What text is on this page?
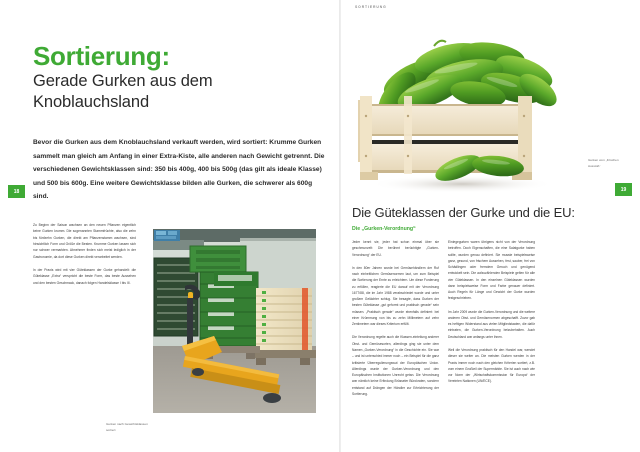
SORTIERUNG
18	19
Sortierung:
Gerade Gurken aus dem
Knoblauchsland
Bevor die Gurken aus dem Knoblauchsland verkauft werden, wird sortiert: Krumme Gurken sammelt man gleich am Anfang in einer Extra-Kiste, alle anderen nach Gewicht getrennt. Die verschiedenen Gewichtsklassen sind: 350 bis 400g, 400 bis 500g (das gilt als ideale Klasse) und 500 bis 600g. Eine weitere Gewichtsklasse bilden alle Gurken, die schwerer als 600g sind.

Zu Beginn der Saison wachsen an den neuen Pflanzen eigentlich keine Gurken krumm. Die sogenannten Stammfrüchte, also die zehn bis fünfzehn Gurken, die direkt am Pflanzenstamm wachsen, sind hinsichtlich Form und Größe die Besten. Krumme Gurken lassen sich nur schwer vermarkten. Abnehmer finden sich meist lediglich in der Gastronomie, da dort diese Gurken direkt verarbeitet werden.

In der Praxis wird mit vier Güteklassen der Gurke gehandelt: die Güteklasse „Extra“ verspricht die beste Form, das beste Aussehen und den besten Geschmack, danach folgen Handelsklasse I bis III.

Gurken nach Gewichtsklassen sortiert
Gurken vom „Frischen Ausstoß“
Die Güteklassen der Gurke und die EU:
Die „Gurken-Verordnung“

Jeder kennt sie, jeder hat schon einmal über sie geschmunzelt: Die berühmt berüchtigte „Gurken-Verordnung“ der EU.

In den 80er Jahren wurde bei Gemüsehändlern der Ruf nach einheitlichen Gemüsenormen laut, um zum Beispiel die Sortierung der Ernte zu erleichtern. Um diese Forderung zu erfüllen, reagierte die EU darauf mit der Verordnung 1677/88, die im Jahr 1988 verabschiedet wurde und unter großem Gelächter schlug. Sie besagte, dass Gurken der besten Güteklasse „gut geformt und praktisch gerade“ sein müssen. „Praktisch gerade“ wurde ebenfalls definiert: bei einer Krümmung von bis zu zehn Millimetern auf zehn Zentimetern war dieses Kriterium erfüllt.

Die Verordnung regelte auch die Klassen-einteilung anderer Obst- und Gemüsesorten, allerdings ging sie unter dem Namen „Gurken-Verordnung“ in die Geschichte ein. Sie war – und ist unterschied immer noch – ein Beispiel für die ganz kritisierte Überregulierungswut der Europäischen Union. Allerdings wurde der Gurken-Verordnung und den Europäischen Institutionen Unrecht getan. Die Verordnung war nämlich keine Erfindung Brüsseler Bürokraten, sondern entstand auf Drängen der Händler zur Erleichterung der Sortierung.

Einlegegurken waren übrigens nicht von der Verordnung betroffen. Doch Eigenschaften, die eine Salatgurke haben sollte, wurden genau definiert. Sie musste beispielsweise ganz, gesund, von frischem Aussehen, fest, sauber, frei von Schädlingen oder fremdem Geruch und genügend entwickelt sein. Die aufzuzählenden Beispiele gelten für alle vier Güteklassen. In den einzelnen Güteklassen wurden dann beispielsweise Form und Farbe genauer definiert. Auch Regeln für Länge und Gewicht der Gurke wurden festgeschrieben.

Im Jahr 2009 wurde die Gurken-Verordnung und die weitere anderen Obst- und Gemüsenormen abgeschafft. Zuvor gab es heftigen Widerstand aus vielen Mitgliedstaaten, die dafür eintraten, die Gurken-Verordnung beizubehalten. Auch Deutschland war anfangs unter ihnen.

Weil die Verordnung praktisch für den Handel war, wendet dieser sie weiter an. Die meisten Gurken werden in der Praxis immer noch nach den gleichen Kriterien sortiert, z.B. vom einem Großteil der Supermärkte. Sie ist auch nach wie vor Norm der „Wirtschaftskommission für Europa“ der Vereinten Nationen (UN/ECE).
